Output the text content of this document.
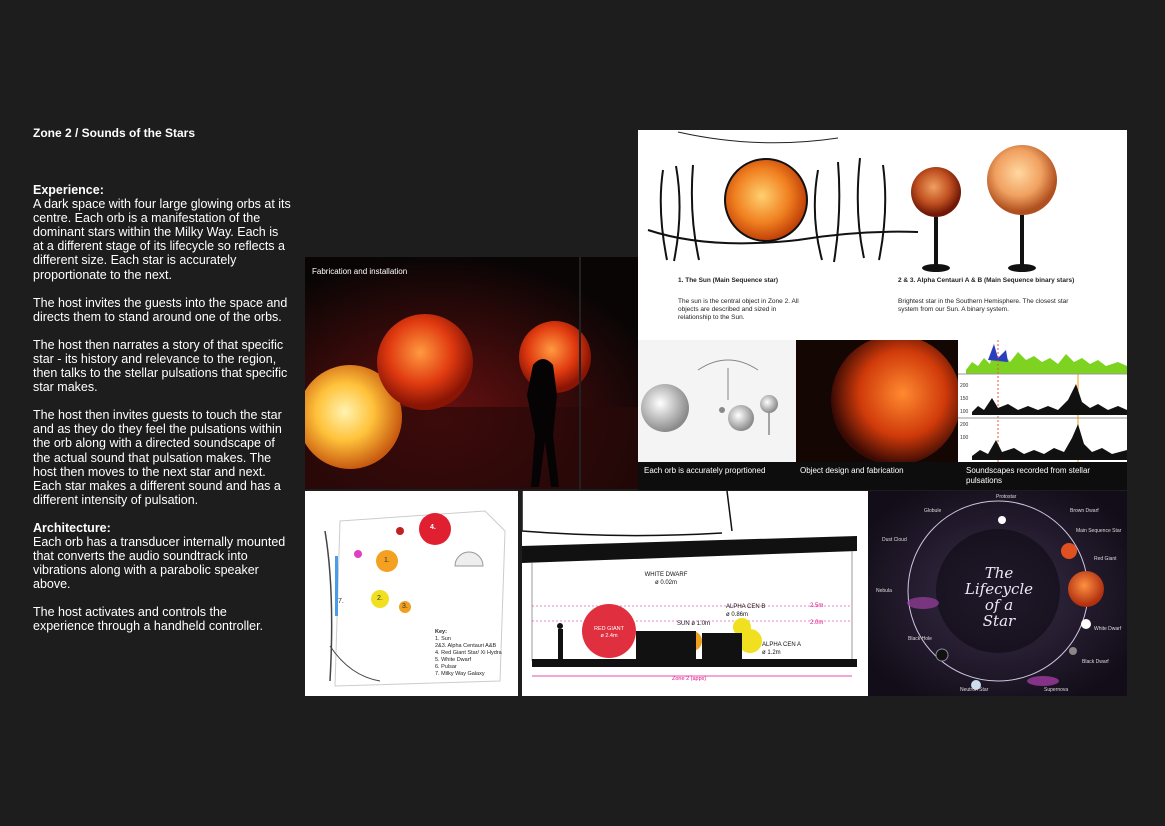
Zone 2 / Sounds of the Stars

Experience:
A dark space with four large glowing orbs at its centre. Each orb is a manifestation of the dominant stars within the Milky Way. Each is at a different stage of its lifecycle so reflects a different size. Each star is accurately proportionate to the next.

The host invites the guests into the space and directs them to stand around one of the orbs.

The host then narrates a story of that specific star - its history and relevance to the region, then talks to the stellar pulsations that specific star makes.

The host then invites guests to touch the star and as they do they feel the pulsations within the orb along with a directed soundscape of the actual sound that pulsation makes. The host then moves to the next star and next. Each star makes a different sound and has a different intensity of pulsation.

Architecture:
Each orb has a transducer internally mounted that converts the audio soundtrack into vibrations along with a parabolic speaker above.

The host activates and controls the experience through a handheld controller.

Fabrication and installation
1. The Sun (Main Sequence star)
The sun is the central object in Zone 2. All objects are described and sized in relationship to the Sun.
2 & 3. Alpha Centauri A & B (Main Sequence binary stars)
Brightest star in the Southern Hemisphere. The closest star system from our Sun. A binary system.
Each orb is accurately proprtioned	Object design and fabrication
200
150
100
200
100
Soundscapes recorded from stellar pulsations
4.
1.
2.
3.
7.
Key:
1. Sun
2&3. Alpha Centauri A&B
4. Red Giant Star/ Xi Hydra
5. White Dwarf
6. Pulsar
7. Milky Way Galaxy
WHITE DWARF
ø 0.02m
RED GIANT
ø 2.4m
SUN ø 1.0m
ALPHA CEN B
ø 0.86m
ALPHA CEN A
ø 1.2m
2.5m
2.0m
Zone 2 (appx)
The
Lifecycle
of a
Star
Protostar
Globule	Brown Dwarf
Main Sequence Star
Dust Cloud
Red Giant
Nebula
White Dwarf
Black Hole
Black Dwarf
Neutron Star	Supernova
